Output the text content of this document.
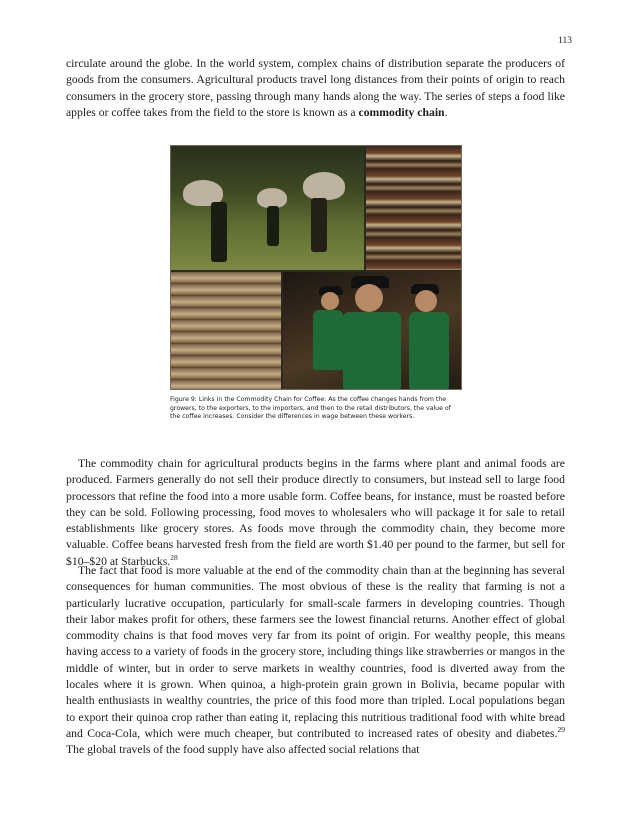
113

circulate around the globe. In the world system, complex chains of distribution separate the producers of goods from the consumers. Agricultural products travel long distances from their points of origin to reach consumers in the grocery store, passing through many hands along the way. The series of steps a food like apples or coffee takes from the field to the store is known as a commodity chain.

Figure 9: Links in the Commodity Chain for Coffee: As the coffee changes hands from the growers, to the exporters, to the importers, and then to the retail distributors, the value of the coffee increases. Consider the differences in wage between these workers.

The commodity chain for agricultural products begins in the farms where plant and animal foods are produced. Farmers generally do not sell their produce directly to consumers, but instead sell to large food processors that refine the food into a more usable form. Coffee beans, for instance, must be roasted before they can be sold. Following processing, food moves to wholesalers who will package it for sale to retail establishments like grocery stores. As foods move through the commodity chain, they become more valuable. Coffee beans harvested fresh from the field are worth $1.40 per pound to the farmer, but sell for $10–$20 at Starbucks.$^{28}$

The fact that food is more valuable at the end of the commodity chain than at the beginning has several consequences for human communities. The most obvious of these is the reality that farming is not a particularly lucrative occupation, particularly for small-scale farmers in developing countries. Though their labor makes profit for others, these farmers see the lowest financial returns. Another effect of global commodity chains is that food moves very far from its point of origin. For wealthy people, this means having access to a variety of foods in the grocery store, including things like strawberries or mangos in the middle of winter, but in order to serve markets in wealthy countries, food is diverted away from the locales where it is grown. When quinoa, a high-protein grain grown in Bolivia, became popular with health enthusiasts in wealthy countries, the price of this food more than tripled. Local populations began to export their quinoa crop rather than eating it, replacing this nutritious traditional food with white bread and Coca-Cola, which were much cheaper, but contributed to increased rates of obesity and diabetes.$^{29}$ The global travels of the food supply have also affected social relations that
